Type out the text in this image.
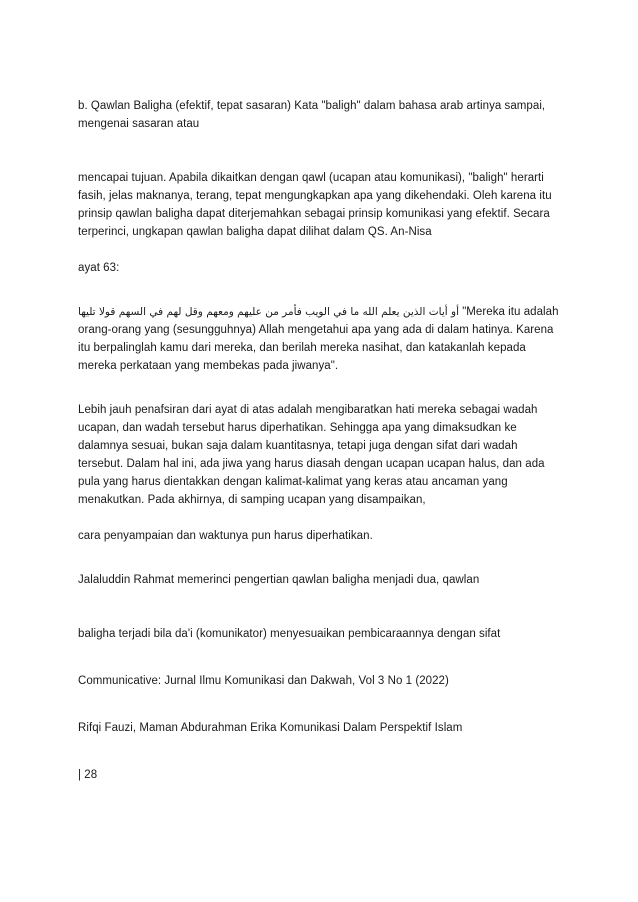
b. Qawlan Baligha (efektif, tepat sasaran) Kata "baligh" dalam bahasa arab artinya sampai, mengenai sasaran atau

mencapai tujuan. Apabila dikaitkan dengan qawl (ucapan atau komunikasi), "baligh" herarti fasih, jelas maknanya, terang, tepat mengungkapkan apa yang dikehendaki. Oleh karena itu prinsip qawlan baligha dapat diterjemahkan sebagai prinsip komunikasi yang efektif. Secara terperinci, ungkapan qawlan baligha dapat dilihat dalam QS. An-Nisa

ayat 63:

أو أيات الذين يعلم الله ما في الويب فأمر من عليهم ومعهم وقل لهم في السهم قولا تليها "Mereka itu adalah orang-orang yang (sesungguhnya) Allah mengetahui apa yang ada di dalam hatinya. Karena itu berpalinglah kamu dari mereka, dan berilah mereka nasihat, dan katakanlah kepada mereka perkataan yang membekas pada jiwanya".

Lebih jauh penafsiran dari ayat di atas adalah mengibaratkan hati mereka sebagai wadah ucapan, dan wadah tersebut harus diperhatikan. Sehingga apa yang dimaksudkan ke dalamnya sesuai, bukan saja dalam kuantitasnya, tetapi juga dengan sifat dari wadah tersebut. Dalam hal ini, ada jiwa yang harus diasah dengan ucapan ucapan halus, dan ada pula yang harus dientakkan dengan kalimat-kalimat yang keras atau ancaman yang menakutkan. Pada akhirnya, di samping ucapan yang disampaikan,

cara penyampaian dan waktunya pun harus diperhatikan.

Jalaluddin Rahmat memerinci pengertian qawlan baligha menjadi dua, qawlan

baligha terjadi bila da'i (komunikator) menyesuaikan pembicaraannya dengan sifat

Communicative: Jurnal Ilmu Komunikasi dan Dakwah, Vol 3 No 1 (2022)

Rifqi Fauzi, Maman Abdurahman Erika Komunikasi Dalam Perspektif Islam

| 28
